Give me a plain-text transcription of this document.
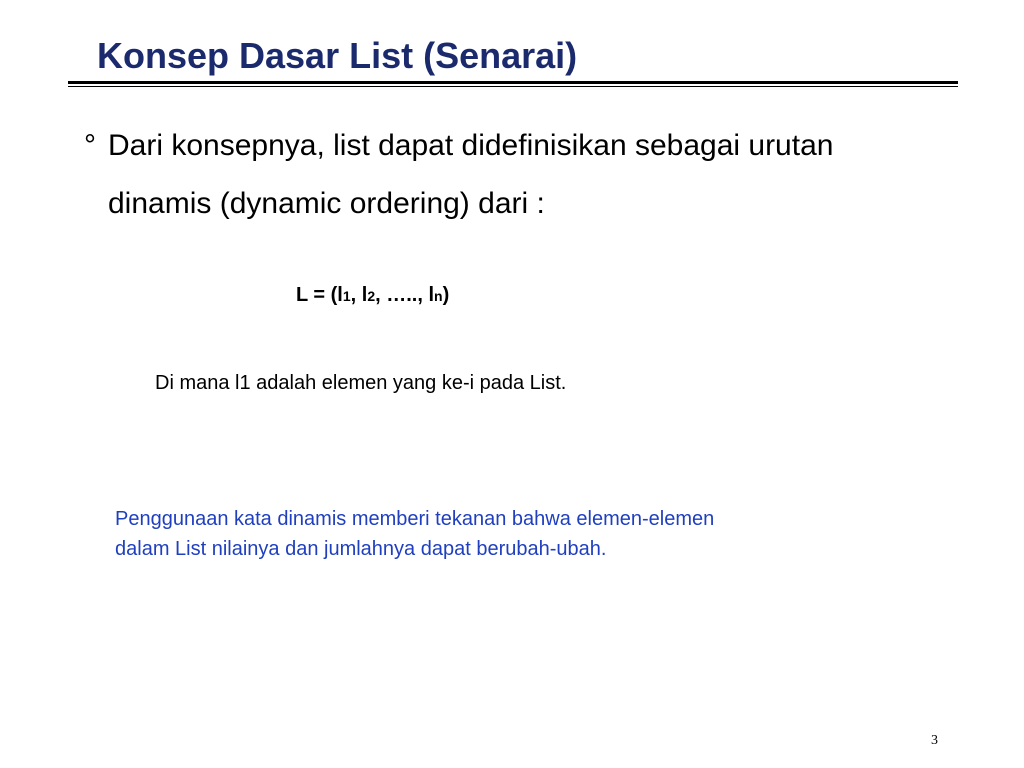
Konsep Dasar List (Senarai)
° Dari konsepnya, list dapat didefinisikan sebagai urutan
dinamis (dynamic ordering) dari :
L = (l1, l2, ….., ln)
Di mana l1 adalah elemen yang ke-i pada List.
Penggunaan kata dinamis memberi tekanan bahwa elemen-elemen
dalam List nilainya dan jumlahnya dapat berubah-ubah.
3
